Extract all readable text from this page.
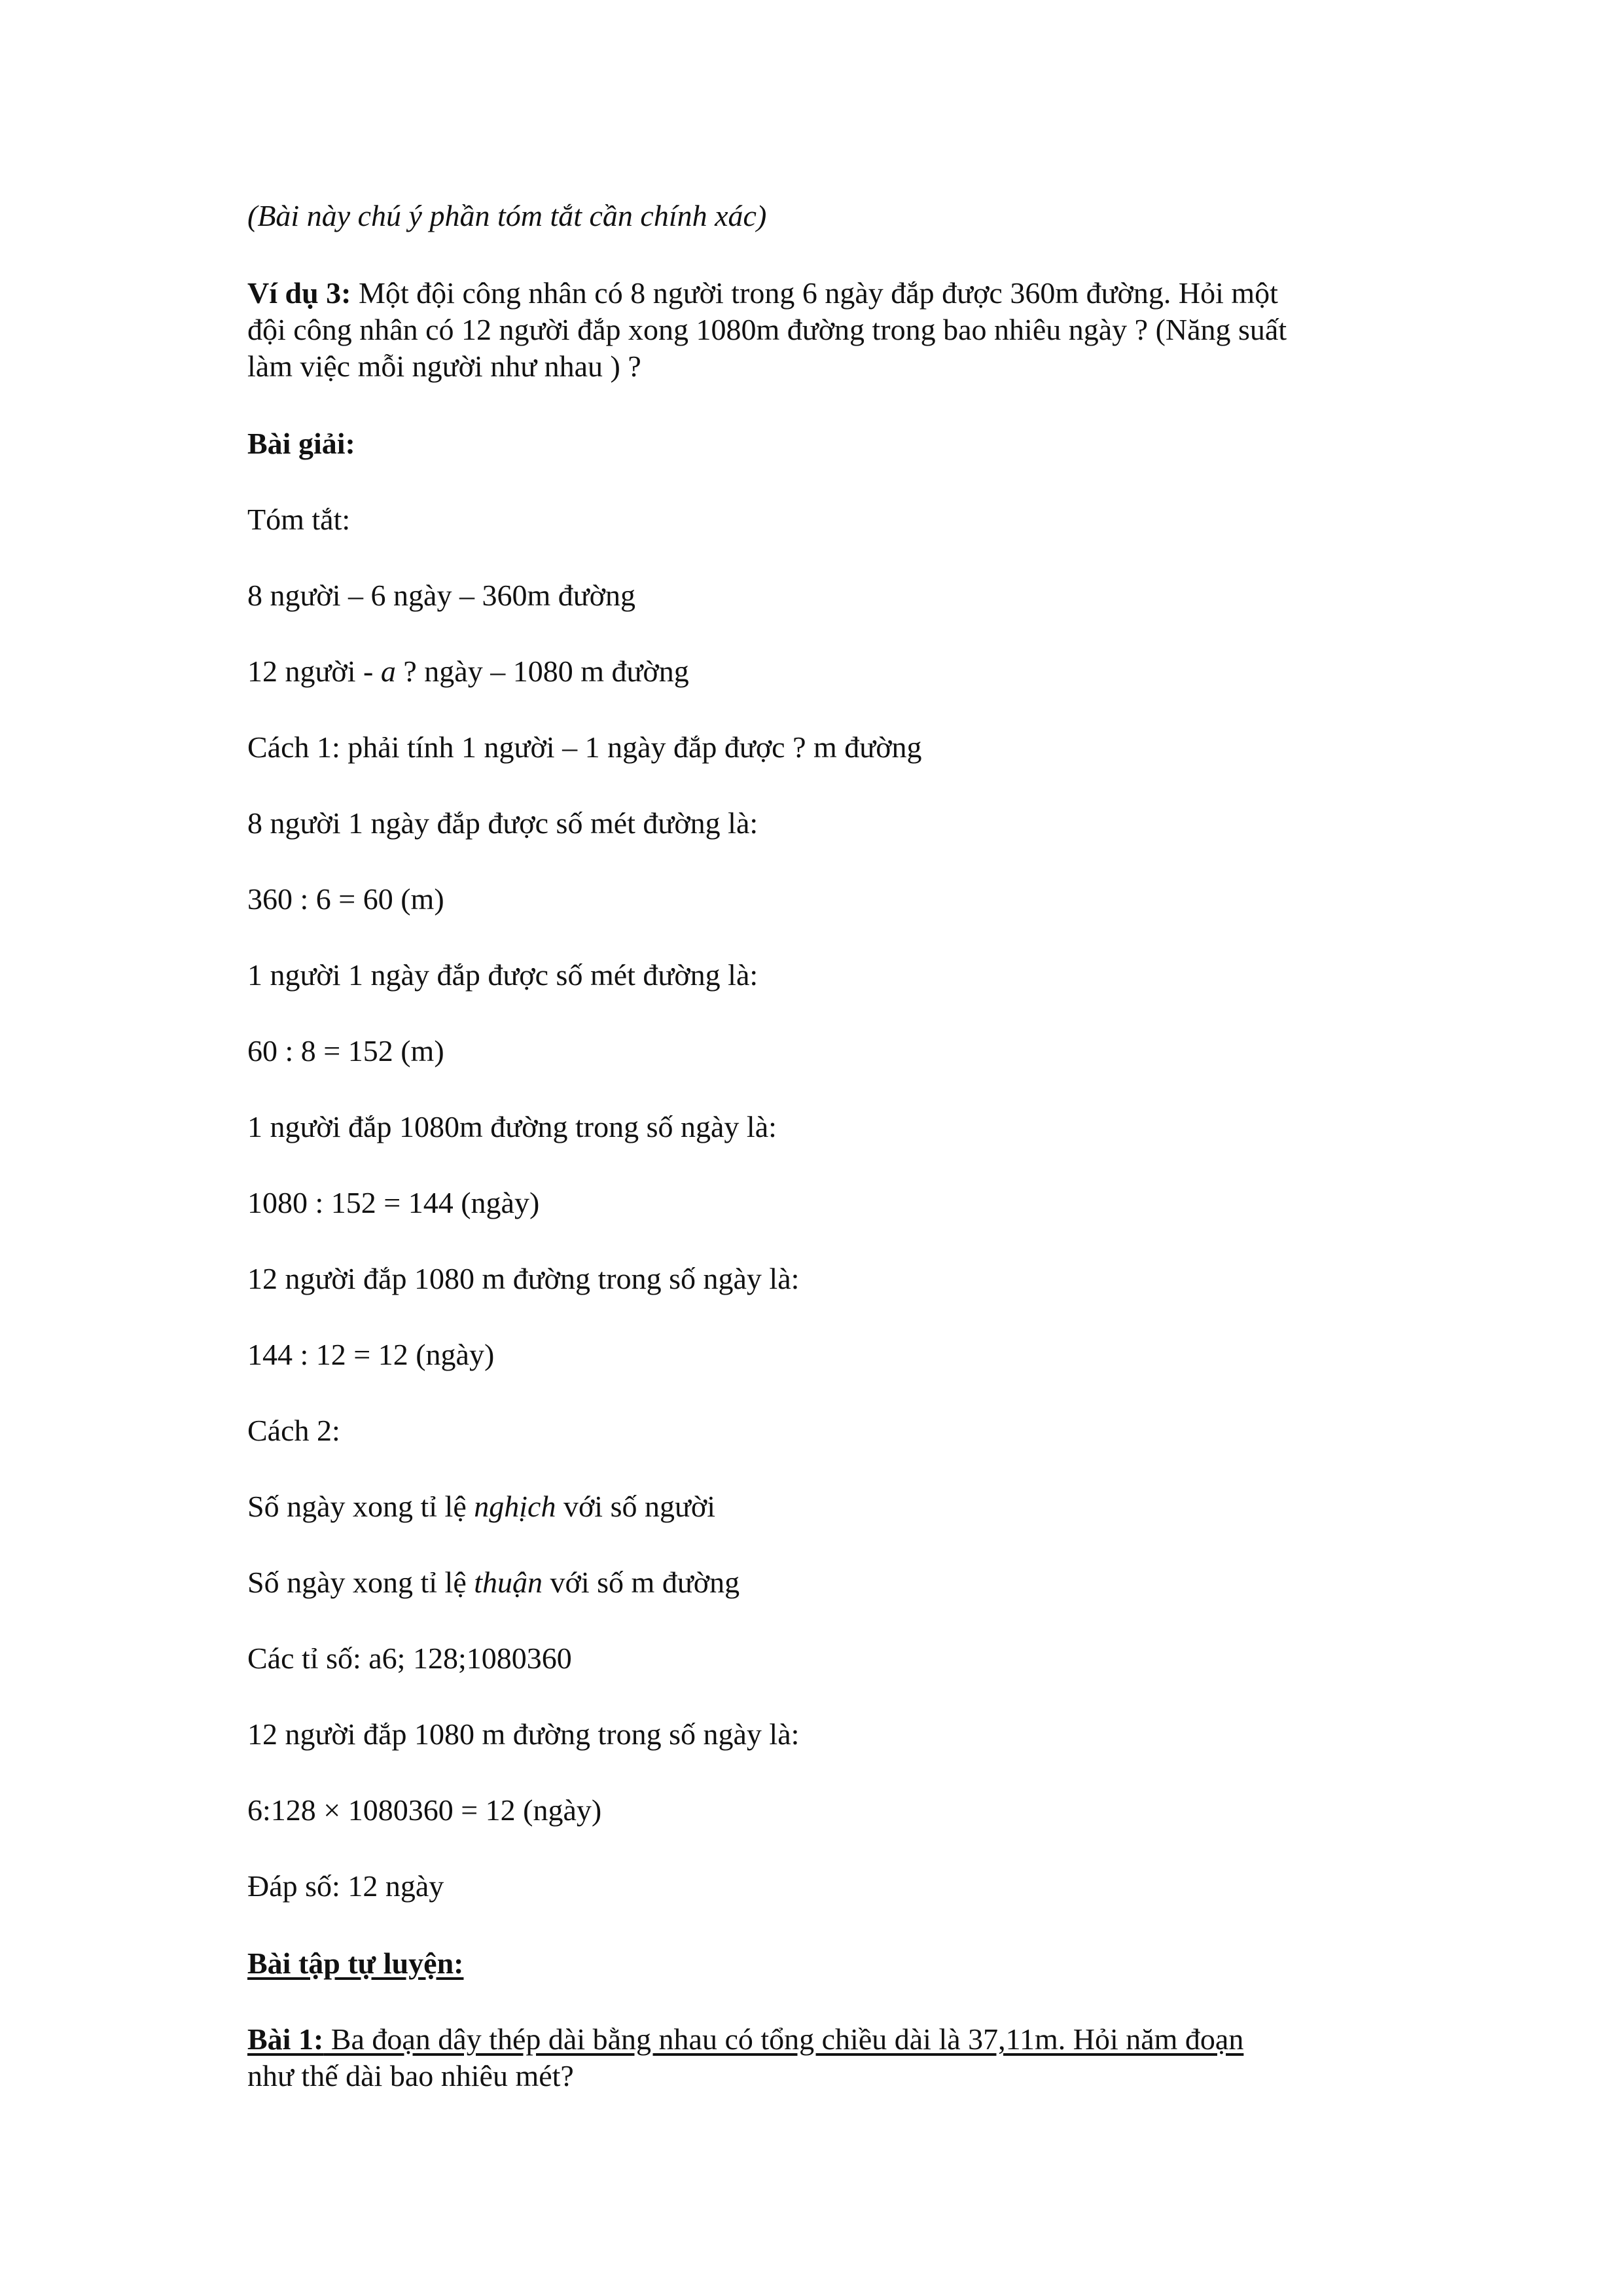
(Bài này chú ý phần tóm tắt cần chính xác)

Ví dụ 3: Một đội công nhân có 8 người trong 6 ngày đắp được 360m đường. Hỏi một

đội công nhân có 12 người đắp xong 1080m đường trong bao nhiêu ngày ? (Năng suất

làm việc mỗi người như nhau ) ?

Bài giải:

Tóm tắt:

8 người – 6 ngày – 360m đường

12 người - a ? ngày – 1080 m đường

Cách 1: phải tính 1 người – 1 ngày đắp được ? m đường

8 người 1 ngày đắp được số mét đường là:

360 : 6 = 60 (m)

1 người 1 ngày đắp được số mét đường là:

60 : 8 = 152 (m)

1 người đắp 1080m đường trong số ngày là:

1080 : 152 = 144 (ngày)

12 người đắp 1080 m đường trong số ngày là:

144 : 12 = 12 (ngày)

Cách 2:

Số ngày xong tỉ lệ nghịch với số người

Số ngày xong tỉ lệ thuận với số m đường

Các tỉ số: a6; 128;1080360

12 người đắp 1080 m đường trong số ngày là:

6:128 × 1080360 = 12 (ngày)

Đáp số: 12 ngày

Bài tập tự luyện:

Bài 1: Ba đoạn dây thép dài bằng nhau có tổng chiều dài là 37,11m. Hỏi năm đoạn

như thế dài bao nhiêu mét?
